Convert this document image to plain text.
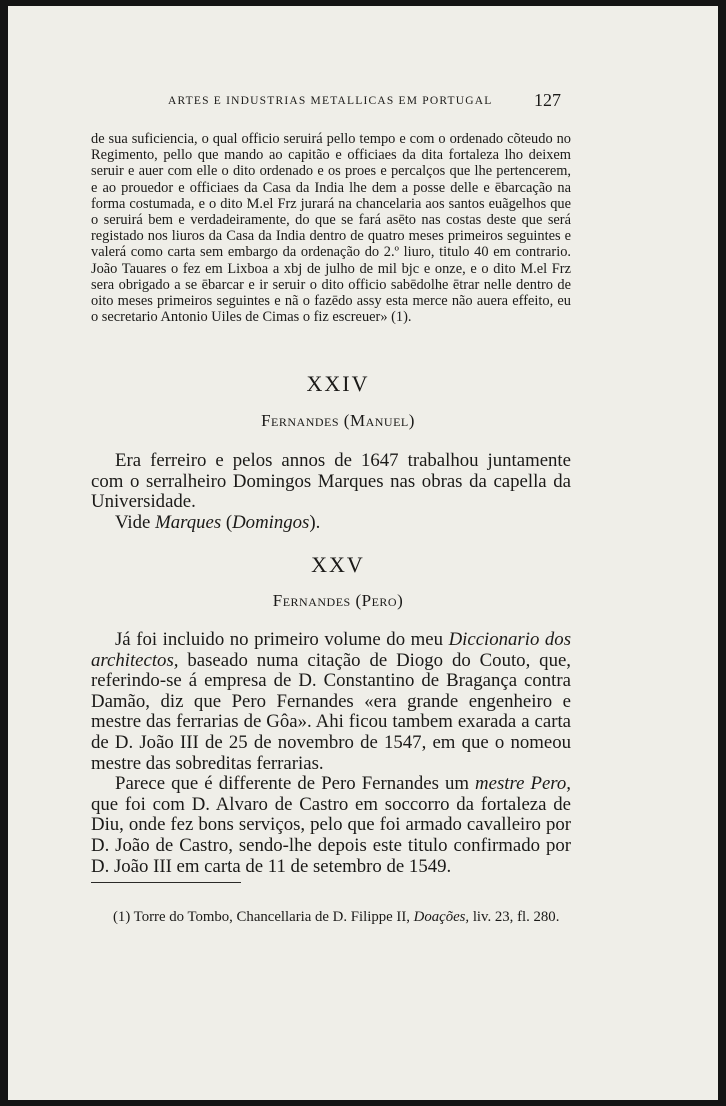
ARTES E INDUSTRIAS METALLICAS EM PORTUGAL 127

de sua suficiencia, o qual officio seruirá pello tempo e com o ordenado cõteudo no Regimento, pello que mando ao capitão e officiaes da dita fortaleza lho deixem seruir e auer com elle o dito ordenado e os proes e percalços que lhe pertencerem, e ao prouedor e officiaes da Casa da India lhe dem a posse delle e ēbarcação na forma costumada, e o dito M.el Frz jurará na chancelaria aos santos euãgelhos que o seruirá bem e verdadeiramente, do que se fará asēto nas costas deste que será registado nos liuros da Casa da India dentro de quatro meses primeiros seguintes e valerá como carta sem embargo da ordenação do 2.º liuro, titulo 40 em contrario. João Tauares o fez em Lixboa a xbj de julho de mil bjc e onze, e o dito M.el Frz sera obrigado a se ēbarcar e ir seruir o dito officio sabēdolhe ētrar nelle dentro de oito meses primeiros seguintes e nã o fazēdo assy esta merce não auera effeito, eu o secretario Antonio Uiles de Cimas o fiz escreuer» (1).

XXIV
Fernandes (Manuel)

Era ferreiro e pelos annos de 1647 trabalhou juntamente com o serralheiro Domingos Marques nas obras da capella da Universidade.

Vide Marques (Domingos).

XXV
Fernandes (Pero)

Já foi incluido no primeiro volume do meu Diccionario dos architectos, baseado numa citação de Diogo do Couto, que, referindo-se á empresa de D. Constantino de Bragança contra Damão, diz que Pero Fernandes «era grande engenheiro e mestre das ferrarias de Gôa». Ahi ficou tambem exarada a carta de D. João III de 25 de novembro de 1547, em que o nomeou mestre das sobreditas ferrarias.

Parece que é differente de Pero Fernandes um mestre Pero, que foi com D. Alvaro de Castro em soccorro da fortaleza de Diu, onde fez bons serviços, pelo que foi armado cavalleiro por D. João de Castro, sendo-lhe depois este titulo confirmado por D. João III em carta de 11 de setembro de 1549.

(1) Torre do Tombo, Chancellaria de D. Filippe II, Doações, liv. 23, fl. 280.
